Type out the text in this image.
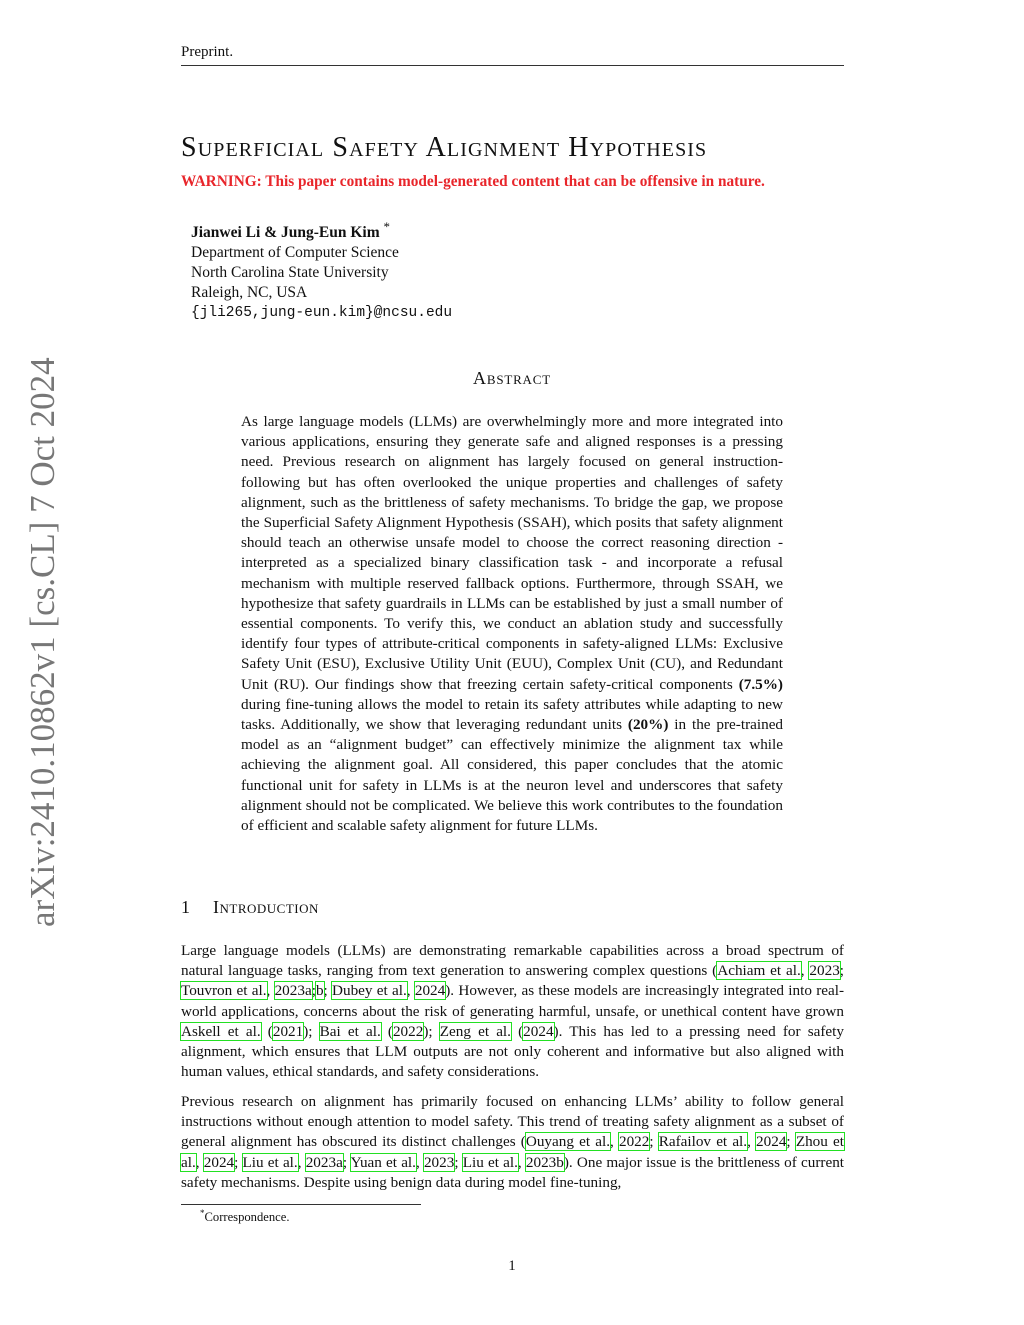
Preprint.
arXiv:2410.10862v1 [cs.CL] 7 Oct 2024
SUPERFICIAL SAFETY ALIGNMENT HYPOTHESIS
WARNING: This paper contains model-generated content that can be offensive in nature.
Jianwei Li & Jung-Eun Kim *
Department of Computer Science
North Carolina State University
Raleigh, NC, USA
{jli265,jung-eun.kim}@ncsu.edu
ABSTRACT
As large language models (LLMs) are overwhelmingly more and more integrated into various applications, ensuring they generate safe and aligned responses is a pressing need. Previous research on alignment has largely focused on general instruction-following but has often overlooked the unique properties and challenges of safety alignment, such as the brittleness of safety mechanisms. To bridge the gap, we propose the Superficial Safety Alignment Hypothesis (SSAH), which posits that safety alignment should teach an otherwise unsafe model to choose the correct reasoning direction - interpreted as a specialized binary classification task - and incorporate a refusal mechanism with multiple reserved fallback options. Furthermore, through SSAH, we hypothesize that safety guardrails in LLMs can be established by just a small number of essential components. To verify this, we conduct an ablation study and successfully identify four types of attribute-critical components in safety-aligned LLMs: Exclusive Safety Unit (ESU), Exclusive Utility Unit (EUU), Complex Unit (CU), and Redundant Unit (RU). Our findings show that freezing certain safety-critical components (7.5%) during fine-tuning allows the model to retain its safety attributes while adapting to new tasks. Additionally, we show that leveraging redundant units (20%) in the pre-trained model as an “alignment budget” can effectively minimize the alignment tax while achieving the alignment goal. All considered, this paper concludes that the atomic functional unit for safety in LLMs is at the neuron level and underscores that safety alignment should not be complicated. We believe this work contributes to the foundation of efficient and scalable safety alignment for future LLMs.
1 INTRODUCTION
Large language models (LLMs) are demonstrating remarkable capabilities across a broad spectrum of natural language tasks, ranging from text generation to answering complex questions (Achiam et al., 2023; Touvron et al., 2023a;b; Dubey et al., 2024). However, as these models are increasingly integrated into real-world applications, concerns about the risk of generating harmful, unsafe, or unethical content have grown Askell et al. (2021); Bai et al. (2022); Zeng et al. (2024). This has led to a pressing need for safety alignment, which ensures that LLM outputs are not only coherent and informative but also aligned with human values, ethical standards, and safety considerations.
Previous research on alignment has primarily focused on enhancing LLMs’ ability to follow general instructions without enough attention to model safety. This trend of treating safety alignment as a subset of general alignment has obscured its distinct challenges (Ouyang et al., 2022; Rafailov et al., 2024; Zhou et al., 2024; Liu et al., 2023a; Yuan et al., 2023; Liu et al., 2023b). One major issue is the brittleness of current safety mechanisms. Despite using benign data during model fine-tuning,
*Correspondence.
1
